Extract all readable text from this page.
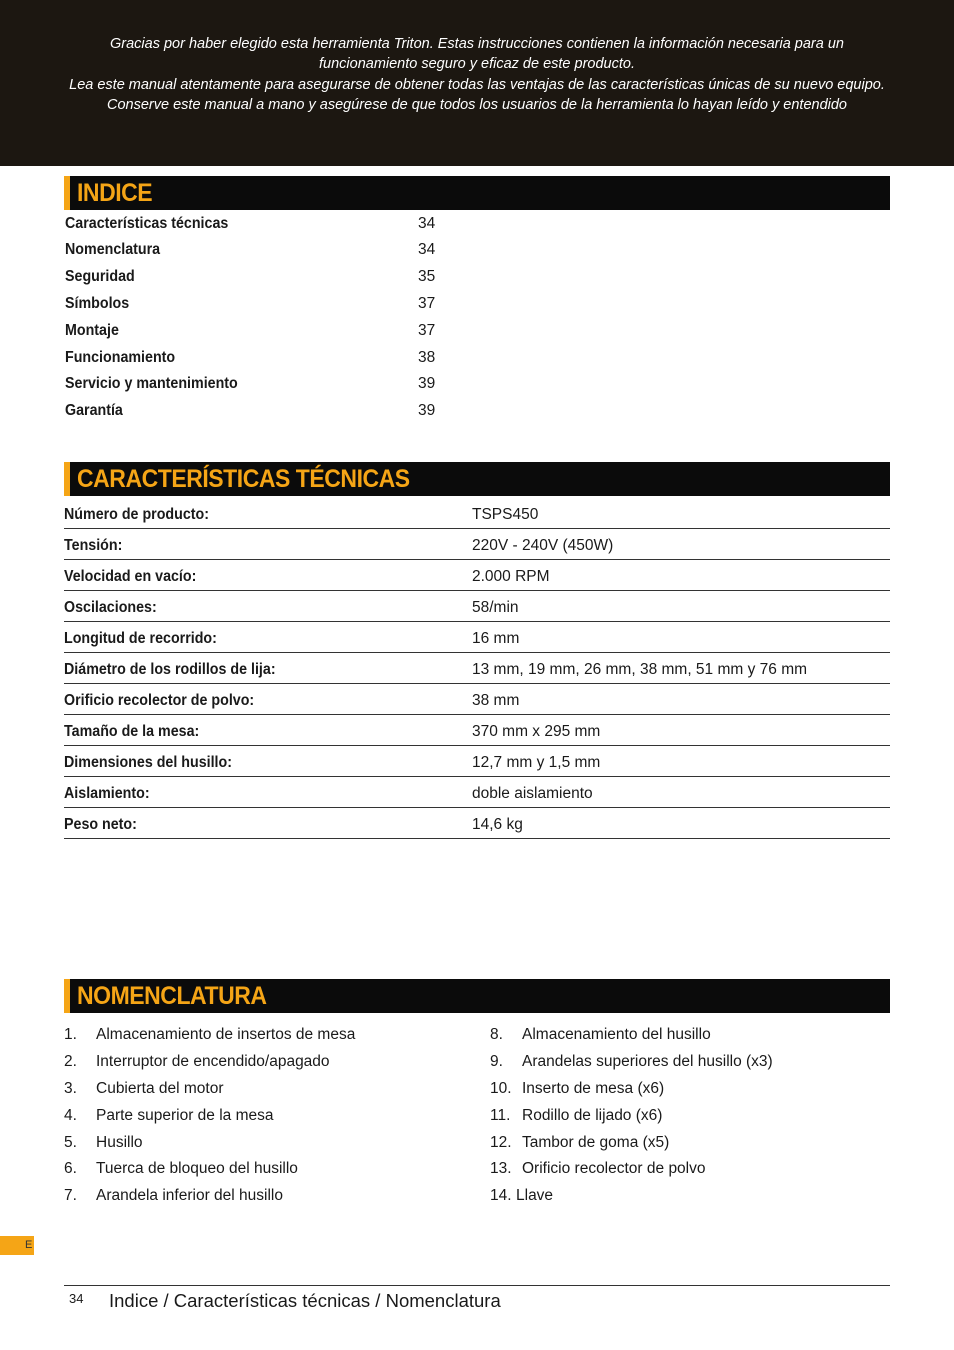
Gracias por haber elegido esta herramienta Triton. Estas instrucciones contienen la información necesaria para un
funcionamiento seguro y eficaz de este producto.
Lea este manual atentamente para asegurarse de obtener todas las ventajas de las características únicas de su nuevo equipo.
Conserve este manual a mano y asegúrese de que todos los usuarios de la herramienta lo hayan leído y entendido
INDICE
Características técnicas	34
Nomenclatura	34
Seguridad	35
Símbolos	37
Montaje	37
Funcionamiento	38
Servicio y mantenimiento	39
Garantía	39
CARACTERÍSTICAS TÉCNICAS
Número de producto:	TSPS450
Tensión:	220V - 240V (450W)
Velocidad en vacío:	2.000 RPM
Oscilaciones:	58/min
Longitud de recorrido:	16 mm
Diámetro de los rodillos de lija:	13 mm, 19 mm, 26 mm, 38 mm, 51 mm y 76 mm
Orificio recolector de polvo:	38 mm
Tamaño de la mesa:	370 mm x 295 mm
Dimensiones del husillo:	12,7 mm y 1,5 mm
Aislamiento:	doble aislamiento
Peso neto:	14,6 kg
NOMENCLATURA
1. Almacenamiento de insertos de mesa
2. Interruptor de encendido/apagado
3. Cubierta del motor
4. Parte superior de la mesa
5. Husillo
6. Tuerca de bloqueo del husillo
7. Arandela inferior del husillo
8. Almacenamiento del husillo
9. Arandelas superiores del husillo (x3)
10. Inserto de mesa (x6)
11. Rodillo de lijado (x6)
12. Tambor de goma (x5)
13. Orificio recolector de polvo
14. Llave
E
34 Indice / Características técnicas / Nomenclatura
